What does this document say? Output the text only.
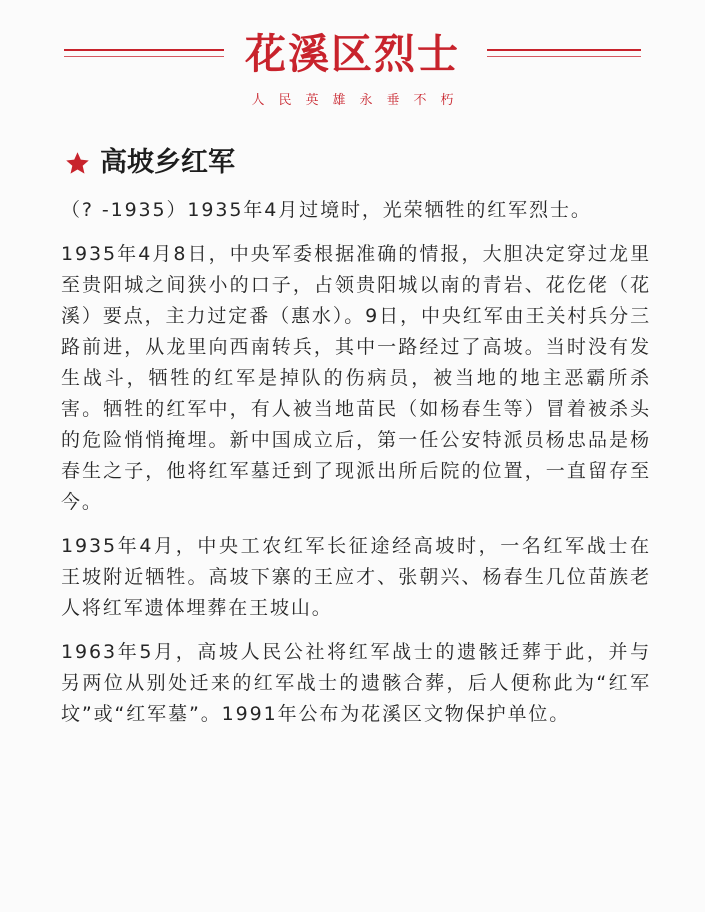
花溪区烈士
人民英雄永垂不朽
高坡乡红军

（? -1935）1935年4月过境时，光荣牺牲的红军烈士。

1935年4月8日，中央军委根据准确的情报，大胆决定穿过龙里至贵阳城之间狭小的口子，占领贵阳城以南的青岩、花仡佬（花溪）要点，主力过定番（惠水）。9日，中央红军由王关村兵分三路前进，从龙里向西南转兵，其中一路经过了高坡。当时没有发生战斗，牺牲的红军是掉队的伤病员，被当地的地主恶霸所杀害。牺牲的红军中，有人被当地苗民（如杨春生等）冒着被杀头的危险悄悄掩埋。新中国成立后，第一任公安特派员杨忠品是杨春生之子，他将红军墓迁到了现派出所后院的位置，一直留存至今。

1935年4月，中央工农红军长征途经高坡时，一名红军战士在王坡附近牺牲。高坡下寨的王应才、张朝兴、杨春生几位苗族老人将红军遗体埋葬在王坡山。

1963年5月，高坡人民公社将红军战士的遗骸迁葬于此，并与另两位从别处迁来的红军战士的遗骸合葬，后人便称此为“红军坟”或“红军墓”。1991年公布为花溪区文物保护单位。
